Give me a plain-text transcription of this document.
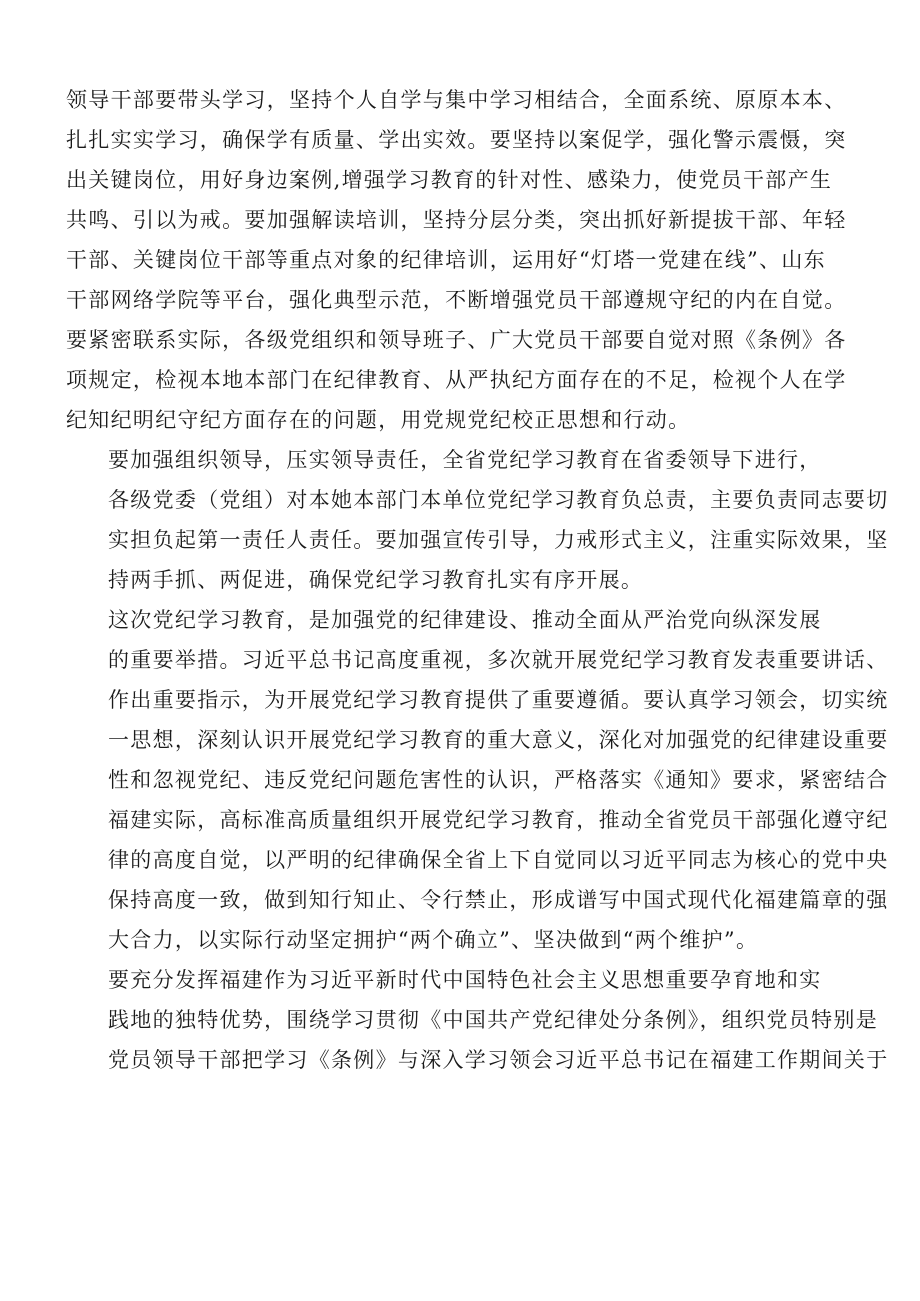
领导干部要带头学习，坚持个人自学与集中学习相结合，全面系统、原原本本、
扎扎实实学习，确保学有质量、学出实效。要坚持以案促学，强化警示震慑，突
出关键岗位，用好身边案例,增强学习教育的针对性、感染力，使党员干部产生
共鸣、引以为戒。要加强解读培训，坚持分层分类，突出抓好新提拔干部、年轻
干部、关键岗位干部等重点对象的纪律培训，运用好“灯塔一党建在线”、山东
干部网络学院等平台，强化典型示范，不断增强党员干部遵规守纪的内在自觉。
要紧密联系实际，各级党组织和领导班子、广大党员干部要自觉对照《条例》各
项规定，检视本地本部门在纪律教育、从严执纪方面存在的不足，检视个人在学
纪知纪明纪守纪方面存在的问题，用党规党纪校正思想和行动。
要加强组织领导，压实领导责任，全省党纪学习教育在省委领导下进行，
各级党委（党组）对本她本部门本单位党纪学习教育负总责，主要负责同志要切
实担负起第一责任人责任。要加强宣传引导，力戒形式主义，注重实际效果，坚
持两手抓、两促进，确保党纪学习教育扎实有序开展。
这次党纪学习教育，是加强党的纪律建设、推动全面从严治党向纵深发展
的重要举措。习近平总书记高度重视，多次就开展党纪学习教育发表重要讲话、
作出重要指示，为开展党纪学习教育提供了重要遵循。要认真学习领会，切实统
一思想，深刻认识开展党纪学习教育的重大意义，深化对加强党的纪律建设重要
性和忽视党纪、违反党纪问题危害性的认识，严格落实《通知》要求，紧密结合
福建实际，高标准高质量组织开展党纪学习教育，推动全省党员干部强化遵守纪
律的高度自觉，以严明的纪律确保全省上下自觉同以习近平同志为核心的党中央
保持高度一致，做到知行知止、令行禁止，形成谱写中国式现代化福建篇章的强
大合力，以实际行动坚定拥护“两个确立”、坚决做到“两个维护”。
要充分发挥福建作为习近平新时代中国特色社会主义思想重要孕育地和实
践地的独特优势，围绕学习贯彻《中国共产党纪律处分条例》，组织党员特别是
党员领导干部把学习《条例》与深入学习领会习近平总书记在福建工作期间关于
